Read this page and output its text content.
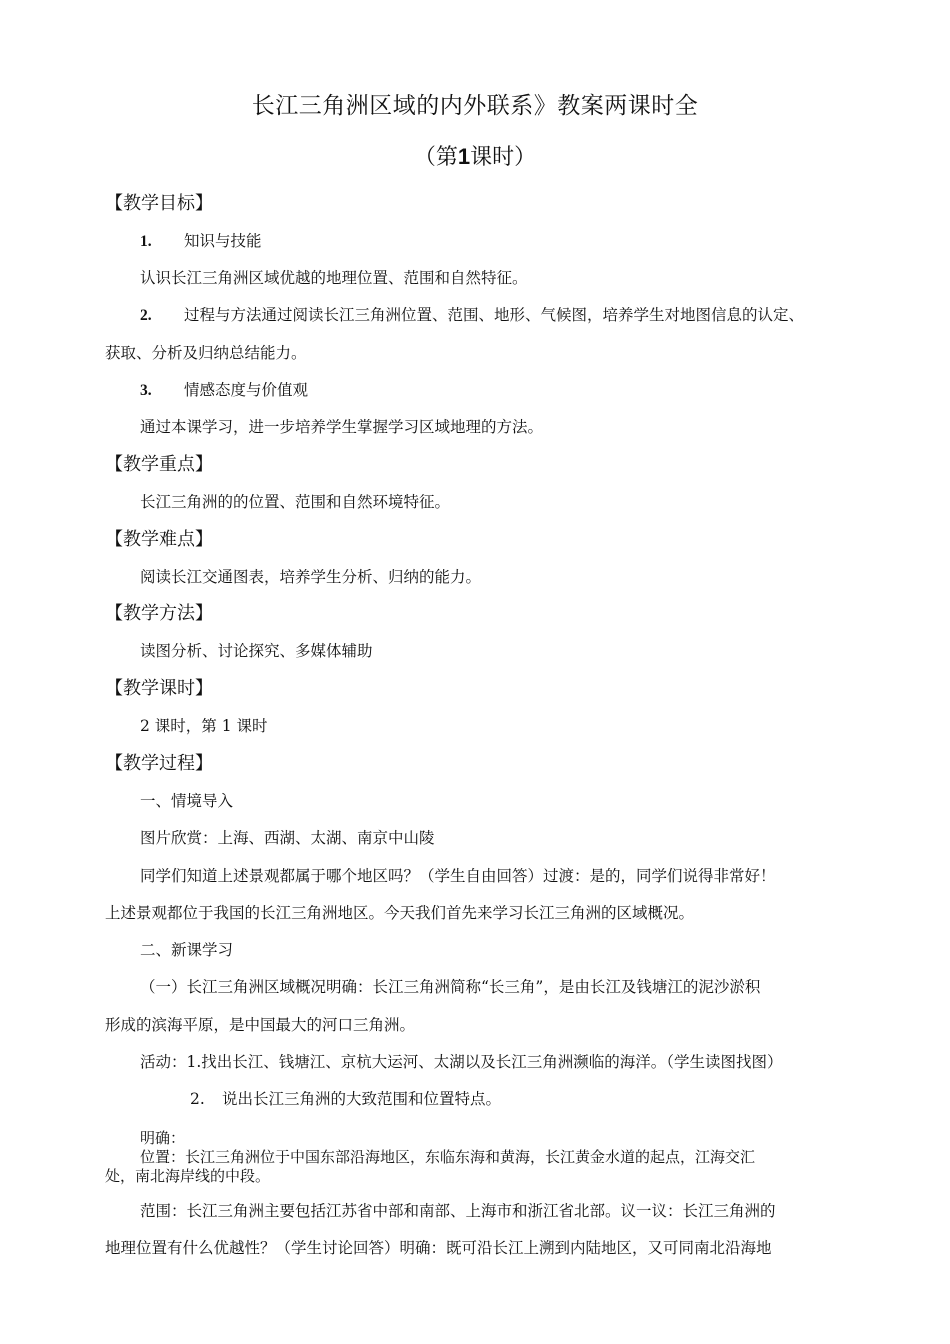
长江三角洲区域的内外联系》教案两课时全
（第1课时）
【教学目标】
1. 知识与技能
认识长江三角洲区域优越的地理位置、范围和自然特征。
2. 过程与方法通过阅读长江三角洲位置、范围、地形、气候图，培养学生对地图信息的认定、
获取、分析及归纳总结能力。
3. 情感态度与价值观
通过本课学习，进一步培养学生掌握学习区域地理的方法。
【教学重点】
长江三角洲的的位置、范围和自然环境特征。
【教学难点】
阅读长江交通图表，培养学生分析、归纳的能力。
【教学方法】
读图分析、讨论探究、多媒体辅助
【教学课时】
2 课时，第 1 课时
【教学过程】
一、情境导入
图片欣赏：上海、西湖、太湖、南京中山陵
同学们知道上述景观都属于哪个地区吗？（学生自由回答）过渡：是的，同学们说得非常好！
上述景观都位于我国的长江三角洲地区。今天我们首先来学习长江三角洲的区域概况。
二、新课学习
（一）长江三角洲区域概况明确：长江三角洲简称“长三角”，是由长江及钱塘江的泥沙淤积
形成的滨海平原，是中国最大的河口三角洲。
活动：1.找出长江、钱塘江、京杭大运河、太湖以及长江三角洲濒临的海洋。（学生读图找图）
2. 说出长江三角洲的大致范围和位置特点。
明确：
位置：长江三角洲位于中国东部沿海地区，东临东海和黄海，长江黄金水道的起点，江海交汇
处，南北海岸线的中段。
范围：长江三角洲主要包括江苏省中部和南部、上海市和浙江省北部。议一议：长江三角洲的
地理位置有什么优越性？（学生讨论回答）明确：既可沿长江上溯到内陆地区，又可同南北沿海地
